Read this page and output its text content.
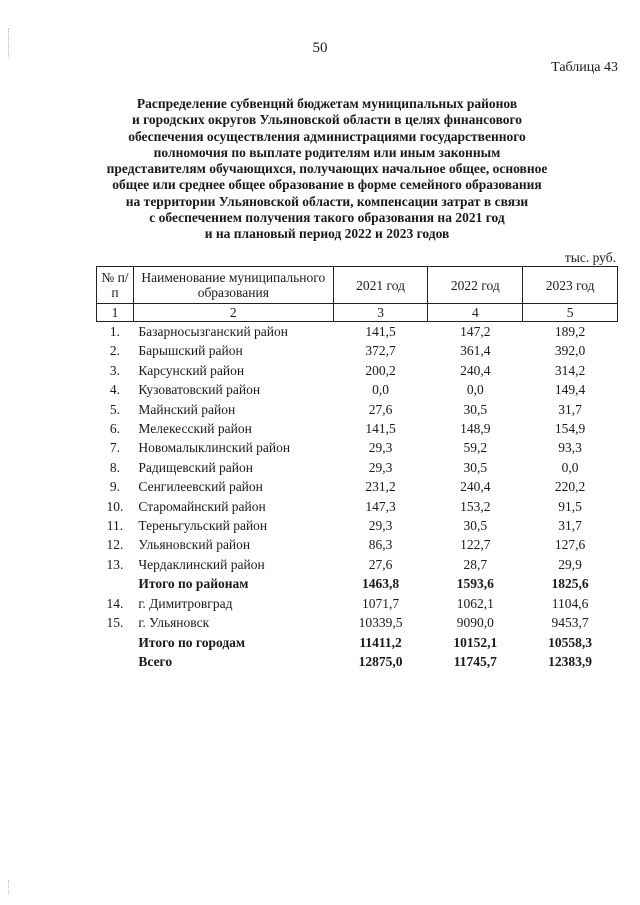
50
Таблица 43
Распределение субвенций бюджетам муниципальных районов
и городских округов Ульяновской области в целях финансового
обеспечения осуществления администрациями государственного
полномочия по выплате родителям или иным законным
представителям обучающихся, получающих начальное общее, основное
общее или среднее общее образование в форме семейного образования
на территории Ульяновской области, компенсации затрат в связи
с обеспечением получения такого образования на 2021 год
и на плановый период 2022 и 2023 годов
тыс. руб.
№ п/п	Наименование муниципального образования	2021 год	2022 год	2023 год
1	2	3	4	5
1.	Базарносызганский район	141,5	147,2	189,2
2.	Барышский район	372,7	361,4	392,0
3.	Карсунский район	200,2	240,4	314,2
4.	Кузоватовский район	0,0	0,0	149,4
5.	Майнский район	27,6	30,5	31,7
6.	Мелекесский район	141,5	148,9	154,9
7.	Новомалыклинский район	29,3	59,2	93,3
8.	Радищевский район	29,3	30,5	0,0
9.	Сенгилеевский район	231,2	240,4	220,2
10.	Старомайнский район	147,3	153,2	91,5
11.	Тереньгульский район	29,3	30,5	31,7
12.	Ульяновский район	86,3	122,7	127,6
13.	Чердаклинский район	27,6	28,7	29,9
	Итого по районам	1463,8	1593,6	1825,6
14.	г. Димитровград	1071,7	1062,1	1104,6
15.	г. Ульяновск	10339,5	9090,0	9453,7
	Итого по городам	11411,2	10152,1	10558,3
	Всего	12875,0	11745,7	12383,9
